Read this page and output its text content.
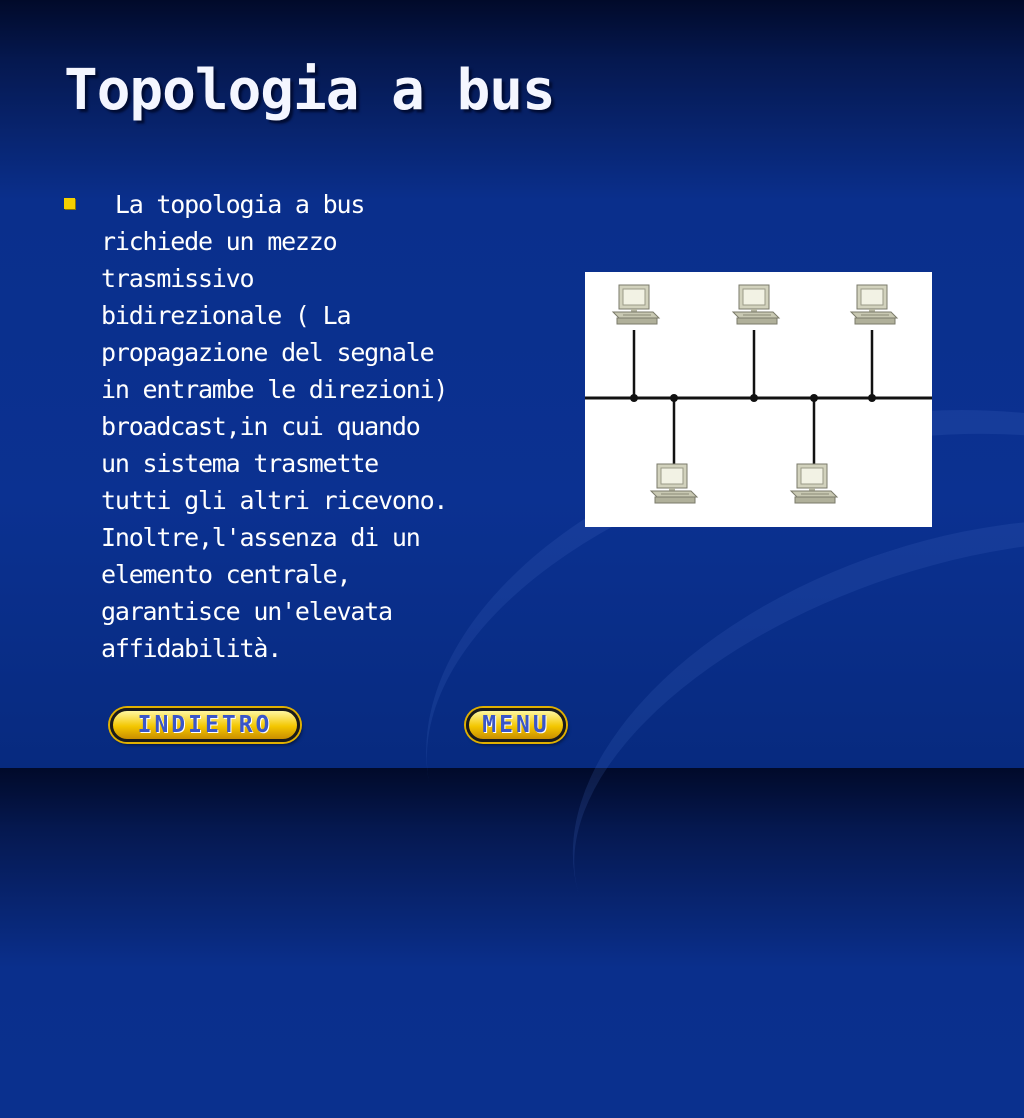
Topologia a bus

La topologia a bus
richiede un mezzo
trasmissivo
bidirezionale ( La
propagazione del segnale
in entrambe le direzioni)
broadcast,in cui quando
un sistema trasmette
tutti gli altri ricevono.
Inoltre,l'assenza di un
elemento centrale,
garantisce un'elevata
affidabilità.

INDIETRO	MENU
